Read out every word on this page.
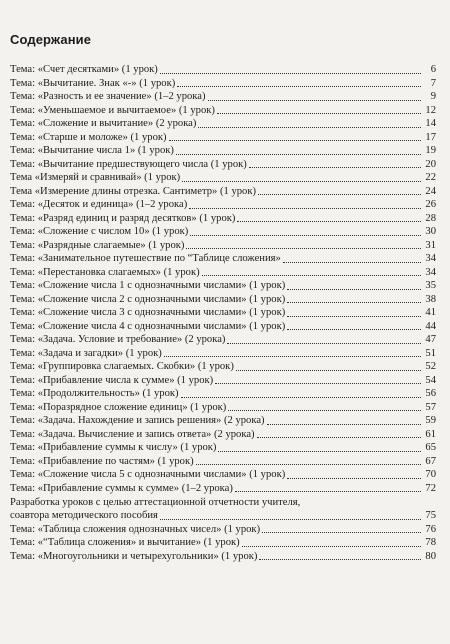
Содержание
Тема: «Счет десятками» (1 урок)	6
Тема: «Вычитание. Знак «-» (1 урок)	7
Тема: «Разность и ее значение» (1–2 урока)	9
Тема: «Уменьшаемое и вычитаемое» (1 урок)	12
Тема: «Сложение и вычитание» (2 урока)	14
Тема: «Старше и моложе» (1 урок)	17
Тема: «Вычитание числа 1» (1 урок)	19
Тема: «Вычитание предшествующего числа (1 урок)	20
Тема «Измеряй и сравнивай» (1 урок)	22
Тема «Измерение длины отрезка. Сантиметр» (1 урок)	24
Тема: «Десяток и единица» (1–2 урока)	26
Тема: «Разряд единиц и разряд десятков» (1 урок)	28
Тема: «Сложение с числом 10» (1 урок)	30
Тема: «Разрядные слагаемые» (1 урок)	31
Тема: «Занимательное путешествие по “Таблице сложения»	34
Тема: «Перестановка слагаемых» (1 урок)	34
Тема: «Сложение числа 1 с однозначными числами» (1 урок)	35
Тема: «Сложение числа 2 с однозначными числами» (1 урок)	38
Тема: «Сложение числа 3 с однозначными числами» (1 урок)	41
Тема: «Сложение числа 4 с однозначными числами» (1 урок)	44
Тема: «Задача. Условие и требование» (2 урока)	47
Тема: «Задача и загадки» (1 урок)	51
Тема: «Группировка слагаемых. Скобки» (1 урок)	52
Тема: «Прибавление числа к сумме» (1 урок)	54
Тема: «Продолжительность» (1 урок)	56
Тема: «Поразрядное сложение единиц» (1 урок)	57
Тема: «Задача. Нахождение и запись решения» (2 урока)	59
Тема: «Задача. Вычисление и запись ответа» (2 урока)	61
Тема: «Прибавление суммы к числу» (1 урок)	65
Тема: «Прибавление по частям» (1 урок)	67
Тема: «Сложение числа 5 с однозначными числами» (1 урок)	70
Тема: «Прибавление суммы к сумме» (1–2 урока)	72
Разработка уроков с целью аттестационной отчетности учителя,
соавтора методического пособия	75
Тема: «Таблица сложения однозначных чисел» (1 урок)	76
Тема: «“Таблица сложения» и вычитание» (1 урок)	78
Тема: «Многоугольники и четырехугольники» (1 урок)	80
